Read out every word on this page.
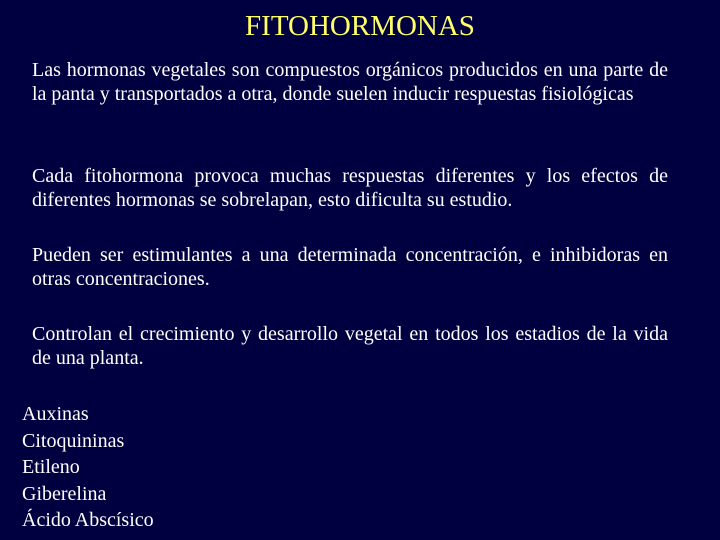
FITOHORMONAS

Las hormonas vegetales son compuestos orgánicos producidos en una parte de la panta y transportados a otra, donde suelen inducir respuestas fisiológicas

Cada fitohormona provoca muchas respuestas diferentes y los efectos de diferentes hormonas se sobrelapan, esto dificulta su estudio.

Pueden ser estimulantes a una determinada concentración, e inhibidoras en otras concentraciones.

Controlan el crecimiento y desarrollo vegetal en todos los estadios de la vida de una planta.

Auxinas
Citoquininas
Etileno
Giberelina
Ácido Abscísico
